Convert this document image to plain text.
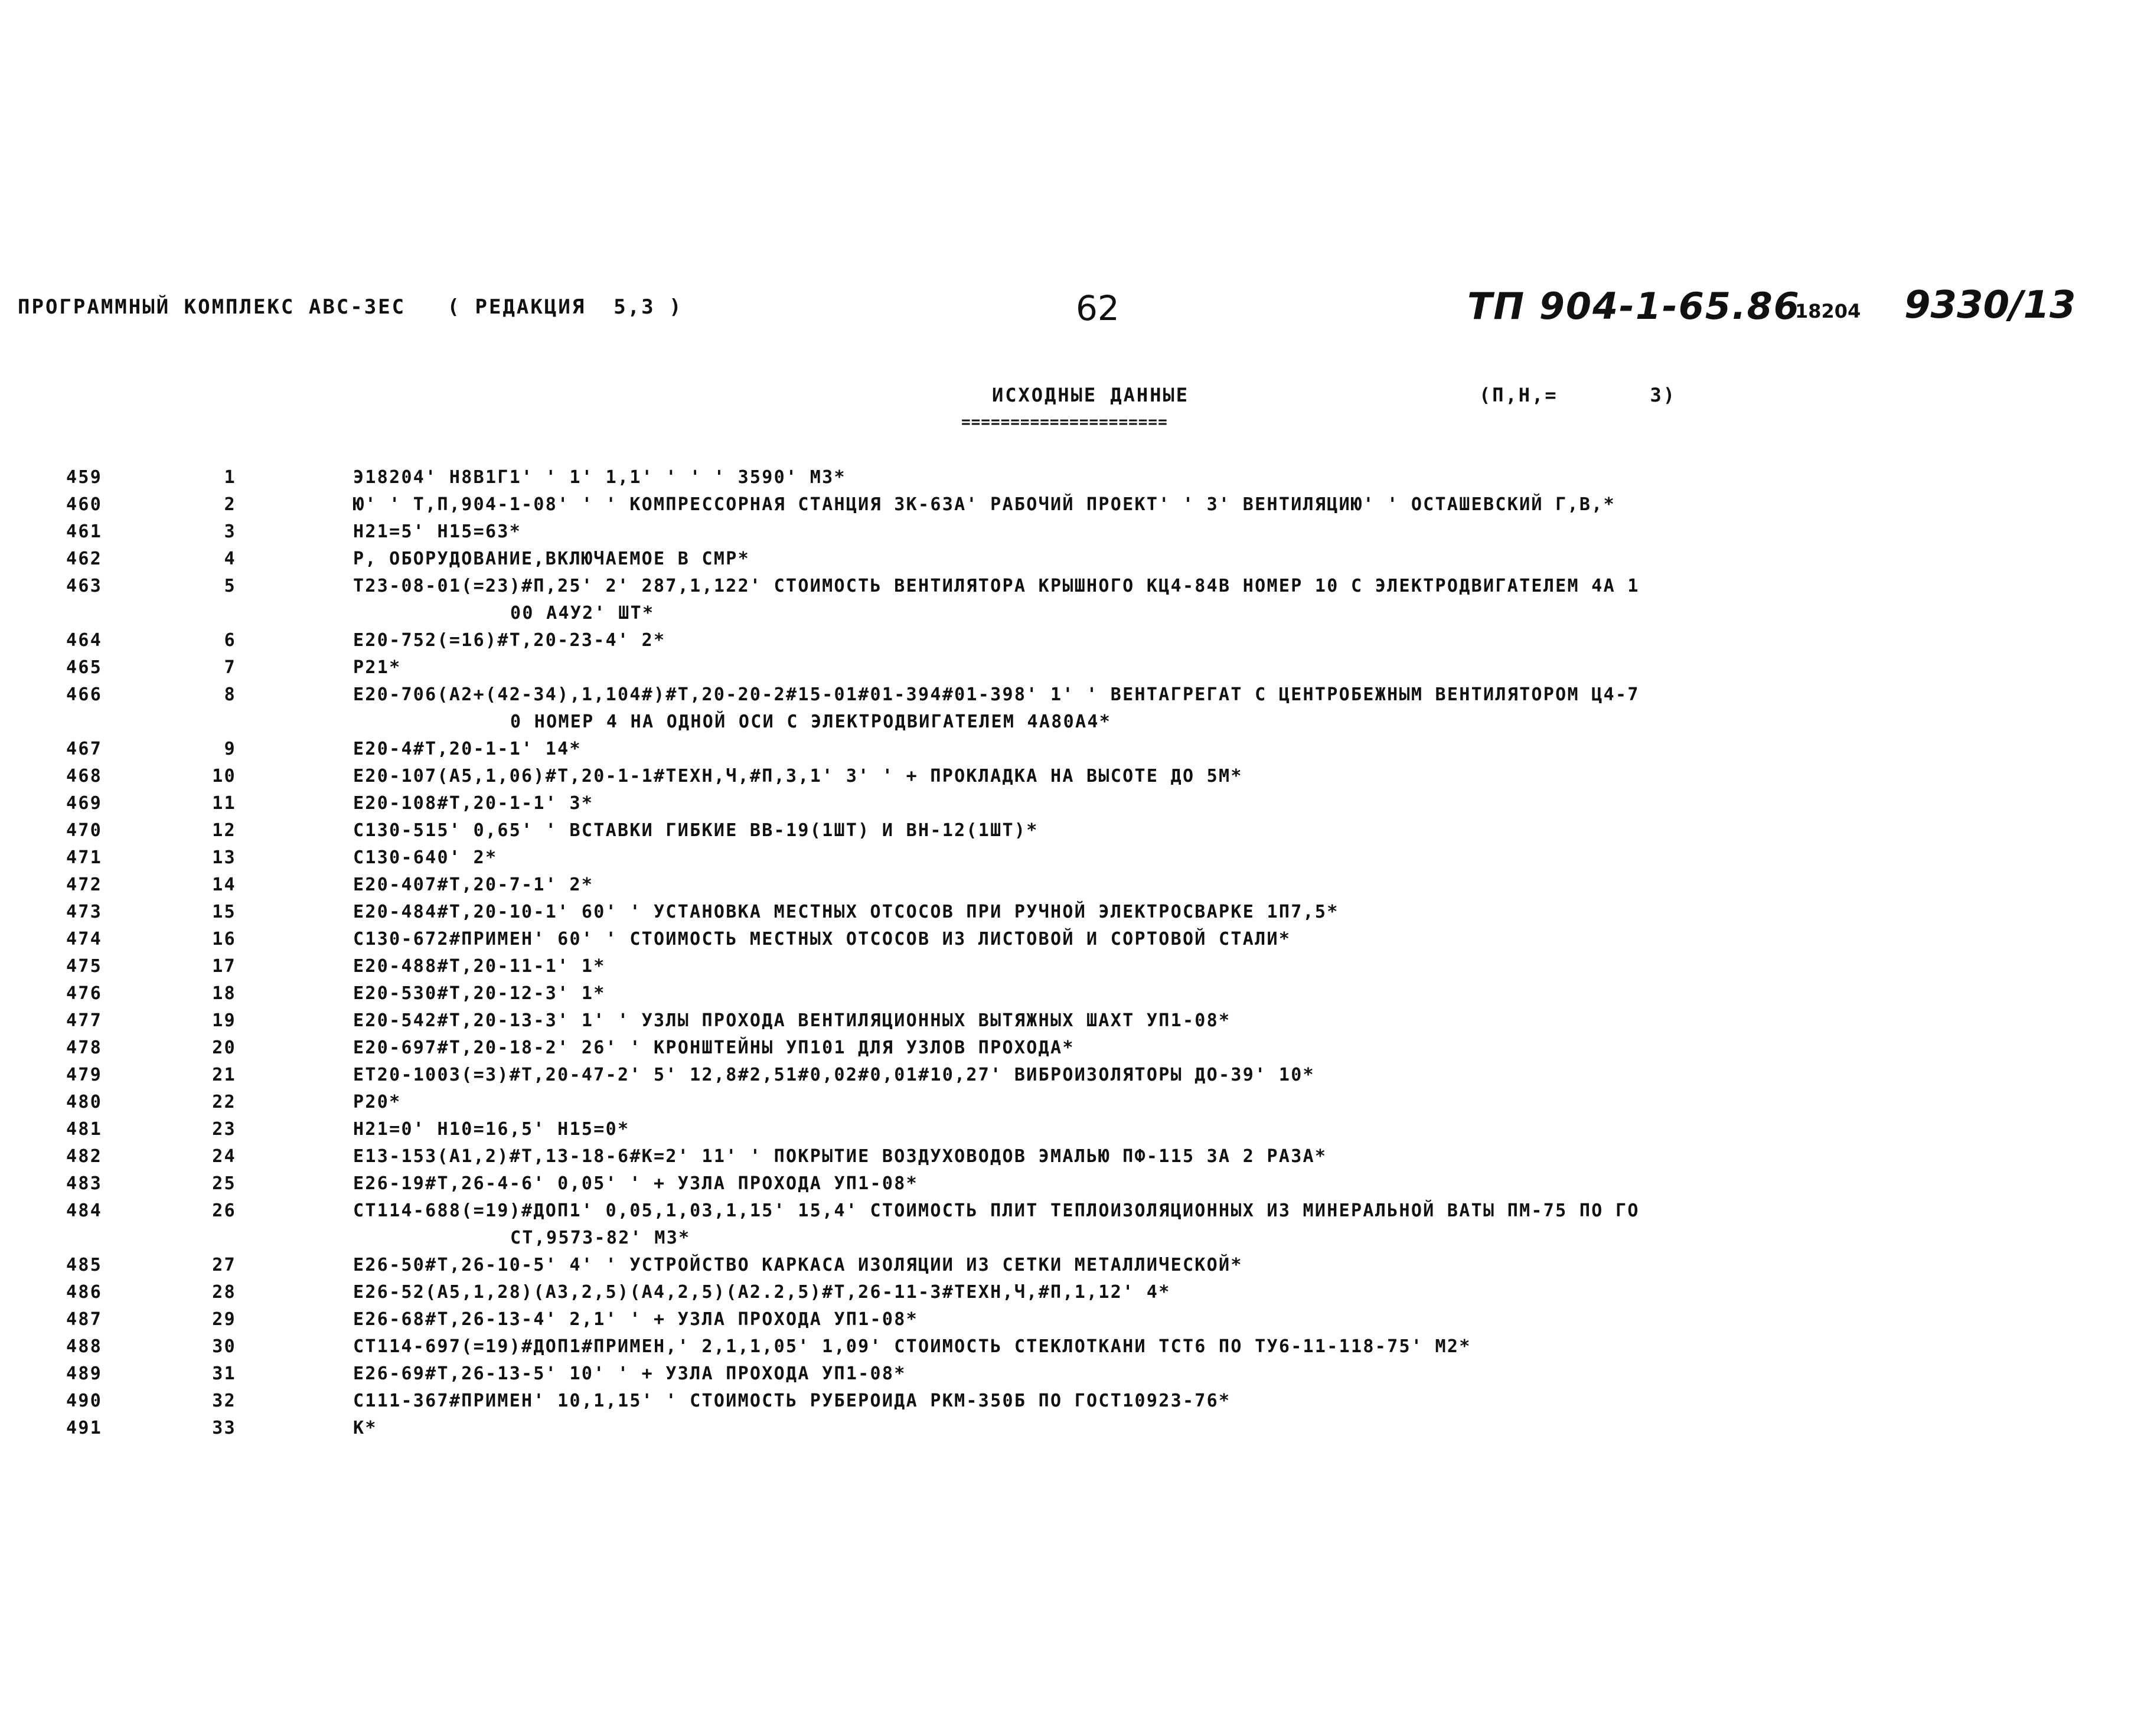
ПРОГРАММНЫЙ КОМПЛЕКС АВС-ЗЕС   ( РЕДАКЦИЯ  5,3 )	62	ТП 904-1-65.86
18204 9330/13
ИСХОДНЫЕ ДАННЫЕ
=====================
(П,Н,=       3)
459	1	Э18204' Н8В1Г1' ' 1' 1,1' ' ' ' 3590' М3*
460	2	Ю' ' Т,П,904-1-08' ' ' КОМПРЕССОРНАЯ СТАНЦИЯ ЗК-63А' РАБОЧИЙ ПРОЕКТ' ' 3' ВЕНТИЛЯЦИЮ' ' ОСТАШЕВСКИЙ Г,В,*
461	3	Н21=5' Н15=63*
462	4	Р, ОБОРУДОВАНИЕ,ВКЛЮЧАЕМОЕ В СМР*
463	5	Т23-08-01(=23)#П,25' 2' 287,1,122' СТОИМОСТЬ ВЕНТИЛЯТОРА КРЫШНОГО КЦ4-84В НОМЕР 10 С ЭЛЕКТРОДВИГАТЕЛЕМ 4А 1
00 А4У2' ШТ*
464	6	Е20-752(=16)#Т,20-23-4' 2*
465	7	Р21*
466	8	Е20-706(А2+(42-34),1,104#)#Т,20-20-2#15-01#01-394#01-398' 1' ' ВЕНТАГРЕГАТ С ЦЕНТРОБЕЖНЫМ ВЕНТИЛЯТОРОМ Ц4-7
0 НОМЕР 4 НА ОДНОЙ ОСИ С ЭЛЕКТРОДВИГАТЕЛЕМ 4А80А4*
467	9	Е20-4#Т,20-1-1' 14*
468	10	Е20-107(А5,1,06)#Т,20-1-1#ТЕХН,Ч,#П,3,1' 3' ' + ПРОКЛАДКА НА ВЫСОТЕ ДО 5М*
469	11	Е20-108#Т,20-1-1' 3*
470	12	С130-515' 0,65' ' ВСТАВКИ ГИБКИЕ ВВ-19(1ШТ) И ВН-12(1ШТ)*
471	13	С130-640' 2*
472	14	Е20-407#Т,20-7-1' 2*
473	15	Е20-484#Т,20-10-1' 60' ' УСТАНОВКА МЕСТНЫХ ОТСОСОВ ПРИ РУЧНОЙ ЭЛЕКТРОСВАРКЕ 1П7,5*
474	16	С130-672#ПРИМЕН' 60' ' СТОИМОСТЬ МЕСТНЫХ ОТСОСОВ ИЗ ЛИСТОВОЙ И СОРТОВОЙ СТАЛИ*
475	17	Е20-488#Т,20-11-1' 1*
476	18	Е20-530#Т,20-12-3' 1*
477	19	Е20-542#Т,20-13-3' 1' ' УЗЛЫ ПРОХОДА ВЕНТИЛЯЦИОННЫХ ВЫТЯЖНЫХ ШАХТ УП1-08*
478	20	Е20-697#Т,20-18-2' 26' ' КРОНШТЕЙНЫ УП101 ДЛЯ УЗЛОВ ПРОХОДА*
479	21	ЕТ20-1003(=3)#Т,20-47-2' 5' 12,8#2,51#0,02#0,01#10,27' ВИБРОИЗОЛЯТОРЫ ДО-39' 10*
480	22	Р20*
481	23	Н21=0' Н10=16,5' Н15=0*
482	24	Е13-153(А1,2)#Т,13-18-6#К=2' 11' ' ПОКРЫТИЕ ВОЗДУХОВОДОВ ЭМАЛЬЮ ПФ-115 ЗА 2 РАЗА*
483	25	Е26-19#Т,26-4-6' 0,05' ' + УЗЛА ПРОХОДА УП1-08*
484	26	СТ114-688(=19)#ДОП1' 0,05,1,03,1,15' 15,4' СТОИМОСТЬ ПЛИТ ТЕПЛОИЗОЛЯЦИОННЫХ ИЗ МИНЕРАЛЬНОЙ ВАТЫ ПМ-75 ПО ГО
СТ,9573-82' М3*
485	27	Е26-50#Т,26-10-5' 4' ' УСТРОЙСТВО КАРКАСА ИЗОЛЯЦИИ ИЗ СЕТКИ МЕТАЛЛИЧЕСКОЙ*
486	28	Е26-52(А5,1,28)(А3,2,5)(А4,2,5)(А2.2,5)#Т,26-11-3#ТЕХН,Ч,#П,1,12' 4*
487	29	Е26-68#Т,26-13-4' 2,1' ' + УЗЛА ПРОХОДА УП1-08*
488	30	СТ114-697(=19)#ДОП1#ПРИМЕН,' 2,1,1,05' 1,09' СТОИМОСТЬ СТЕКЛОТКАНИ ТСТ6 ПО ТУ6-11-118-75' М2*
489	31	Е26-69#Т,26-13-5' 10' ' + УЗЛА ПРОХОДА УП1-08*
490	32	С111-367#ПРИМЕН' 10,1,15' ' СТОИМОСТЬ РУБЕРОИДА РКМ-350Б ПО ГОСТ10923-76*
491	33	К*
